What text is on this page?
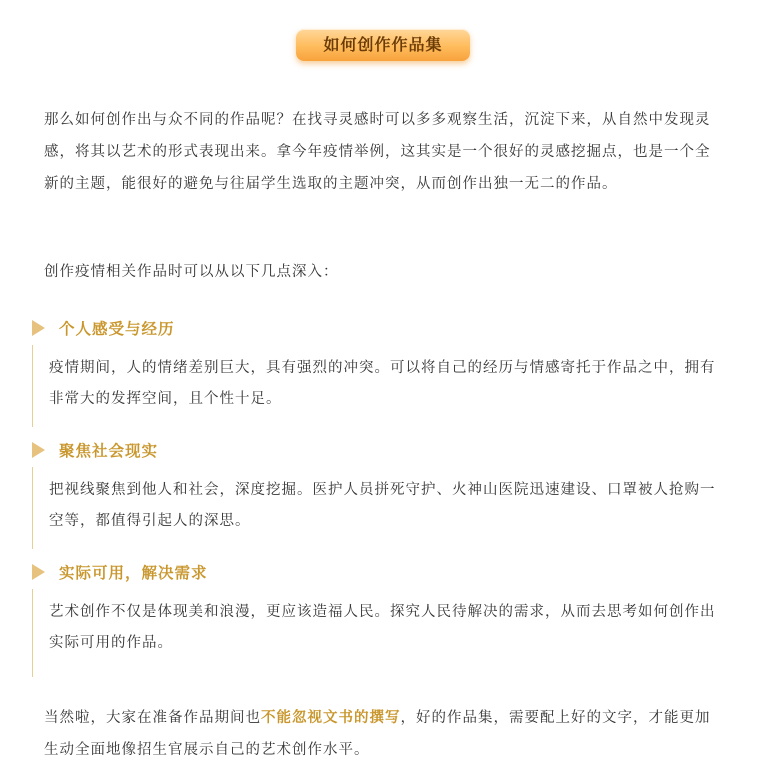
如何创作作品集

那么如何创作出与众不同的作品呢？在找寻灵感时可以多多观察生活，沉淀下来，从自然中发现灵感，将其以艺术的形式表现出来。拿今年疫情举例，这其实是一个很好的灵感挖掘点，也是一个全新的主题，能很好的避免与往届学生选取的主题冲突，从而创作出独一无二的作品。

创作疫情相关作品时可以从以下几点深入：

个人感受与经历

疫情期间，人的情绪差别巨大，具有强烈的冲突。可以将自己的经历与情感寄托于作品之中，拥有非常大的发挥空间，且个性十足。

聚焦社会现实

把视线聚焦到他人和社会，深度挖掘。医护人员拼死守护、火神山医院迅速建设、口罩被人抢购一空等，都值得引起人的深思。

实际可用，解决需求

艺术创作不仅是体现美和浪漫，更应该造福人民。探究人民待解决的需求，从而去思考如何创作出实际可用的作品。

当然啦，大家在准备作品期间也不能忽视文书的撰写，好的作品集，需要配上好的文字，才能更加生动全面地像招生官展示自己的艺术创作水平。
